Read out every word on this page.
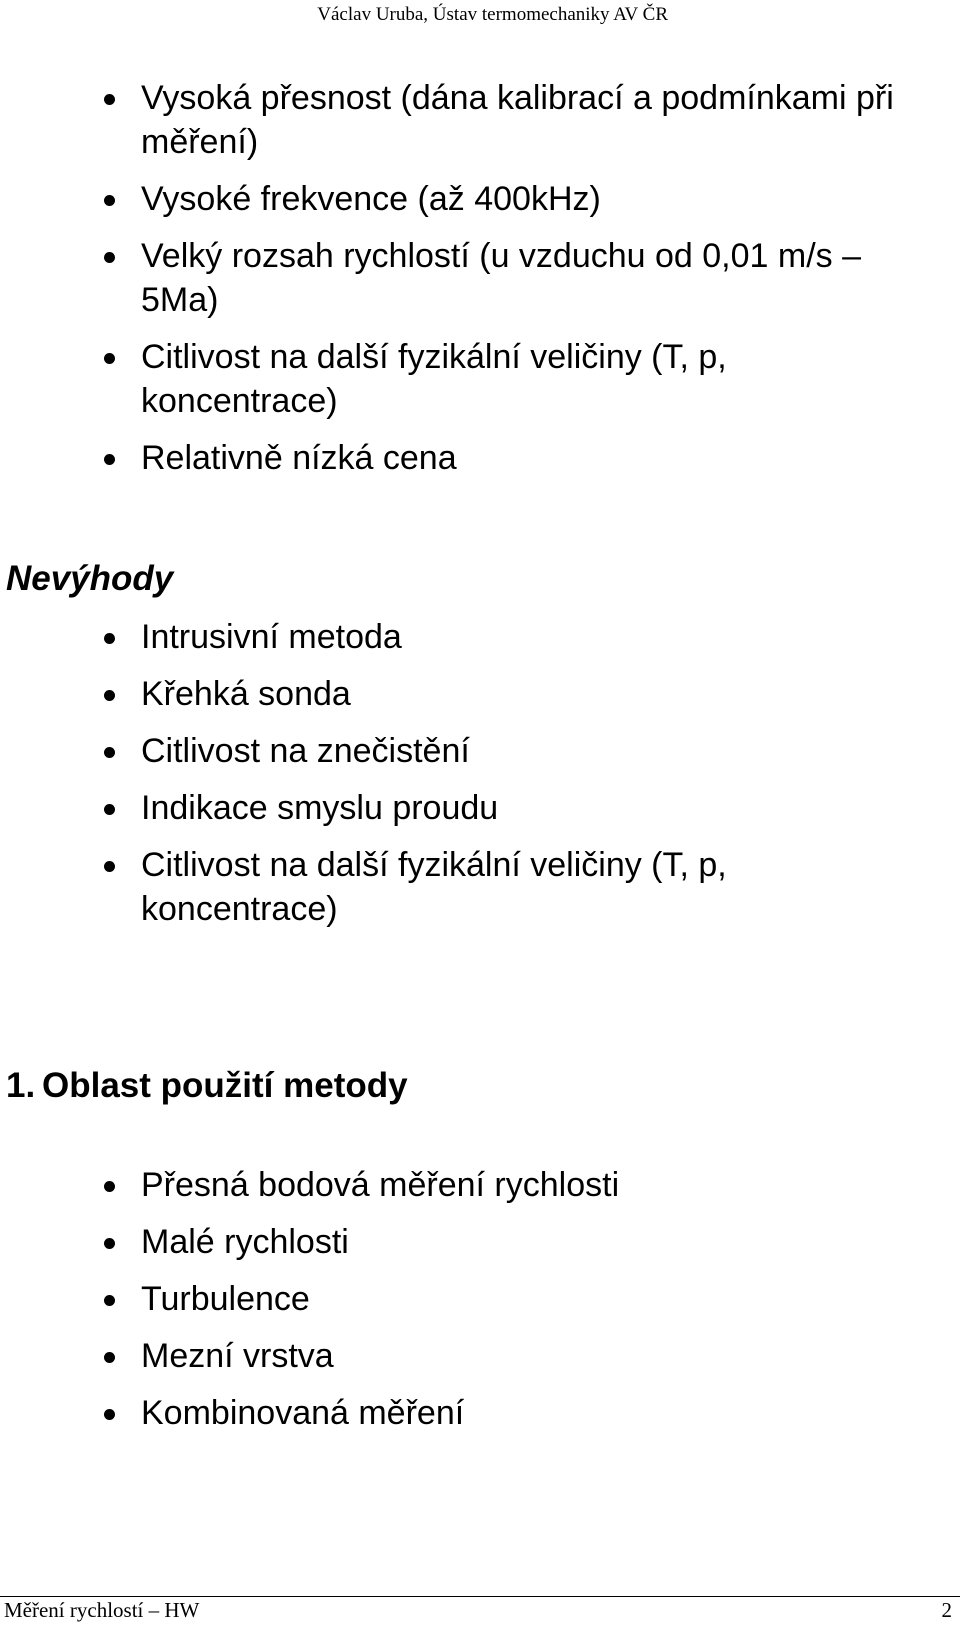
Václav Uruba, Ústav termomechaniky AV ČR
Vysoká přesnost (dána kalibrací a podmínkami při měření)
Vysoké frekvence (až 400kHz)
Velký rozsah rychlostí (u vzduchu od 0,01 m/s – 5Ma)
Citlivost na další fyzikální veličiny (T, p, koncentrace)
Relativně nízká cena
Nevýhody
Intrusivní metoda
Křehká sonda
Citlivost na znečistění
Indikace smyslu proudu
Citlivost na další fyzikální veličiny (T, p, koncentrace)
1. Oblast použití metody
Přesná bodová měření rychlosti
Malé rychlosti
Turbulence
Mezní vrstva
Kombinovaná měření
Měření rychlostí – HW	2
